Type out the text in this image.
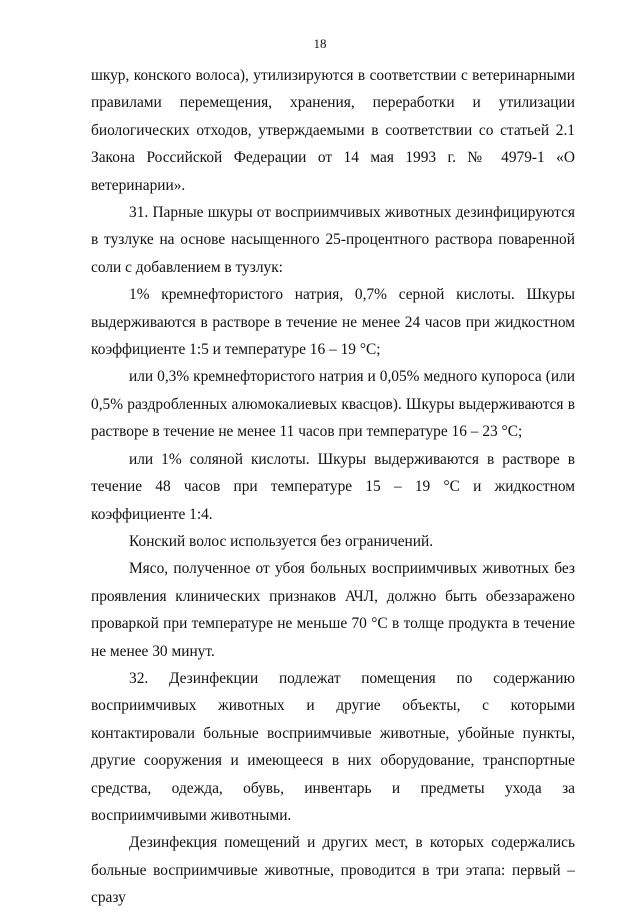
18

шкур, конского волоса), утилизируются в соответствии с ветеринарными правилами перемещения, хранения, переработки и утилизации биологических отходов, утверждаемыми в соответствии со статьей 2.1 Закона Российской Федерации от 14 мая 1993 г. № 4979-1 «О ветеринарии».

31. Парные шкуры от восприимчивых животных дезинфицируются в тузлуке на основе насыщенного 25-процентного раствора поваренной соли с добавлением в тузлук:

1% кремнефтористого натрия, 0,7% серной кислоты. Шкуры выдерживаются в растворе в течение не менее 24 часов при жидкостном коэффициенте 1:5 и температуре 16 – 19 °С;

или 0,3% кремнефтористого натрия и 0,05% медного купороса (или 0,5% раздробленных алюмокалиевых квасцов). Шкуры выдерживаются в растворе в течение не менее 11 часов при температуре 16 – 23 °С;

или 1% соляной кислоты. Шкуры выдерживаются в растворе в течение 48 часов при температуре 15 – 19 °С и жидкостном коэффициенте 1:4.

Конский волос используется без ограничений.

Мясо, полученное от убоя больных восприимчивых животных без проявления клинических признаков АЧЛ, должно быть обеззаражено проваркой при температуре не меньше 70 °С в толще продукта в течение не менее 30 минут.

32. Дезинфекции подлежат помещения по содержанию восприимчивых животных и другие объекты, с которыми контактировали больные восприимчивые животные, убойные пункты, другие сооружения и имеющееся в них оборудование, транспортные средства, одежда, обувь, инвентарь и предметы ухода за восприимчивыми животными.

Дезинфекция помещений и других мест, в которых содержались больные восприимчивые животные, проводится в три этапа: первый – сразу
